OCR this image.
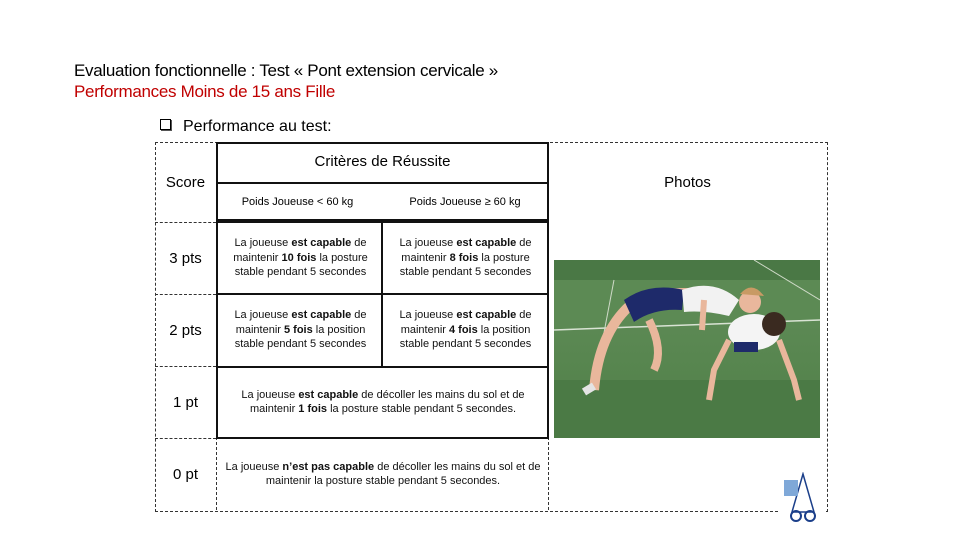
Evaluation fonctionnelle : Test « Pont extension cervicale »
Performances Moins de 15 ans Fille
Performance au test:
Score
Critères de Réussite
Photos
Poids Joueuse < 60 kg	Poids Joueuse ≥ 60 kg
3 pts
2 pts
1 pt
0 pt
La joueuse est capable de maintenir 10 fois la posture stable pendant 5 secondes
La joueuse est capable de maintenir 8 fois la posture stable pendant 5 secondes
La joueuse est capable de maintenir 5 fois la position stable pendant 5 secondes
La joueuse est capable de maintenir 4 fois la position stable pendant 5 secondes
La joueuse est capable de décoller les mains du sol et de maintenir 1 fois la posture stable pendant 5 secondes.
La joueuse n’est pas capable de décoller les mains du sol et de maintenir la posture stable pendant 5 secondes.
